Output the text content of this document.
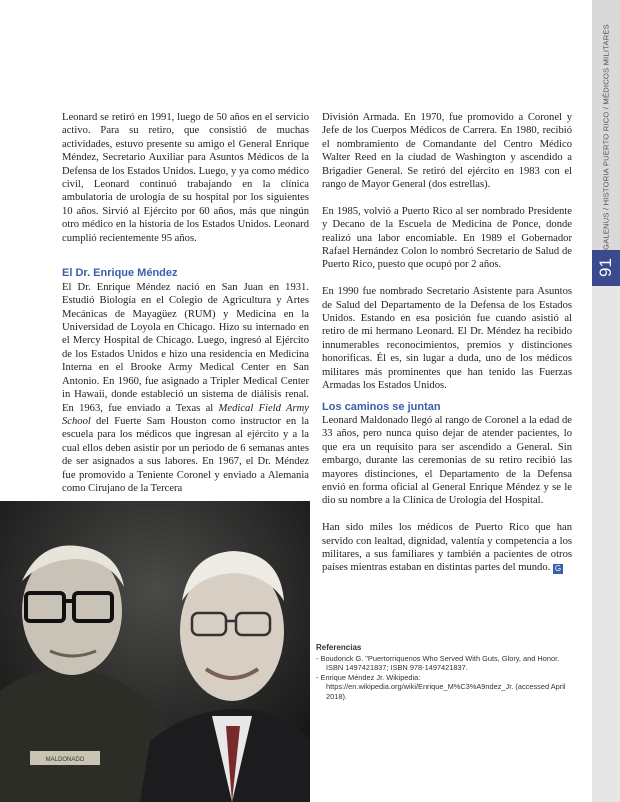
GALENUS / HISTORIA PUERTO RICO / MÉDICOS MILITARES
91

Leonard se retiró en 1991, luego de 50 años en el servicio activo. Para su retiro, que consistió de muchas actividades, estuvo presente su amigo el General Enrique Méndez, Secretario Auxiliar para Asuntos Médicos de la Defensa de los Estados Unidos. Luego, y ya como médico civil, Leonard continuó trabajando en la clínica ambulatoria de urología de su hospital por los siguientes 10 años. Sirvió al Ejército por 60 años, más que ningún otro médico en la historia de los Estados Unidos. Leonard cumplió recientemente 95 años.

El Dr. Enrique Méndez

El Dr. Enrique Méndez nació en San Juan en 1931. Estudió Biología en el Colegio de Agricultura y Artes Mecánicas de Mayagüez (RUM) y Medicina en la Universidad de Loyola en Chicago. Hizo su internado en el Mercy Hospital de Chicago. Luego, ingresó al Ejército de los Estados Unidos e hizo una residencia en Medicina Interna en el Brooke Army Medical Center en San Antonio. En 1960, fue asignado a Tripler Medical Center in Hawaii, donde estableció un sistema de diálisis renal. En 1963, fue enviado a Texas al Medical Field Army School del Fuerte Sam Houston como instructor en la escuela para los médicos que ingresan al ejército y a la cual ellos deben asistir por un periodo de 6 semanas antes de ser asignados a sus labores. En 1967, el Dr. Méndez fue promovido a Teniente Coronel y enviado a Alemania como Cirujano de la Tercera

División Armada. En 1970, fue promovido a Coronel y Jefe de los Cuerpos Médicos de Carrera. En 1980, recibió el nombramiento de Comandante del Centro Médico Walter Reed en la ciudad de Washington y ascendido a Brigadier General. Se retiró del ejército en 1983 con el rango de Mayor General (dos estrellas).

En 1985, volvió a Puerto Rico al ser nombrado Presidente y Decano de la Escuela de Medicina de Ponce, donde realizó una labor encomiable. En 1989 el Gobernador Rafael Hernández Colon lo nombró Secretario de Salud de Puerto Rico, puesto que ocupó por 2 años.

En 1990 fue nombrado Secretario Asistente para Asuntos de Salud del Departamento de la Defensa de los Estados Unidos. Estando en esa posición fue cuando asistió al retiro de mi hermano Leonard. El Dr. Méndez ha recibido innumerables reconocimientos, premios y distinciones honoríficas. Él es, sin lugar a duda, uno de los médicos militares más prominentes que han tenido las Fuerzas Armadas los Estados Unidos.

Los caminos se juntan

Leonard Maldonado llegó al rango de Coronel a la edad de 33 años, pero nunca quiso dejar de atender pacientes, lo que era un requisito para ser ascendido a General. Sin embargo, durante las ceremonias de su retiro recibió las mayores distinciones, el Departamento de la Defensa envió en forma oficial al General Enrique Méndez y se le dio su nombre a la Clínica de Urología del Hospital.

Han sido miles los médicos de Puerto Rico que han servido con lealtad, dignidad, valentía y competencia a los militares, a sus familiares y también a pacientes de otros países mientras estaban en distintas partes del mundo. G

MALDONADO
Referencias
- Boudonck G. "Puertorriquenos Who Served With Guts, Glory, and Honor. ISBN 1497421837; ISBN 978-1497421837.
- Enrique Méndez Jr. Wikipedia: https://en.wikipedia.org/wiki/Enrique_M%C3%A9ndez_Jr. (accessed April 2018).
